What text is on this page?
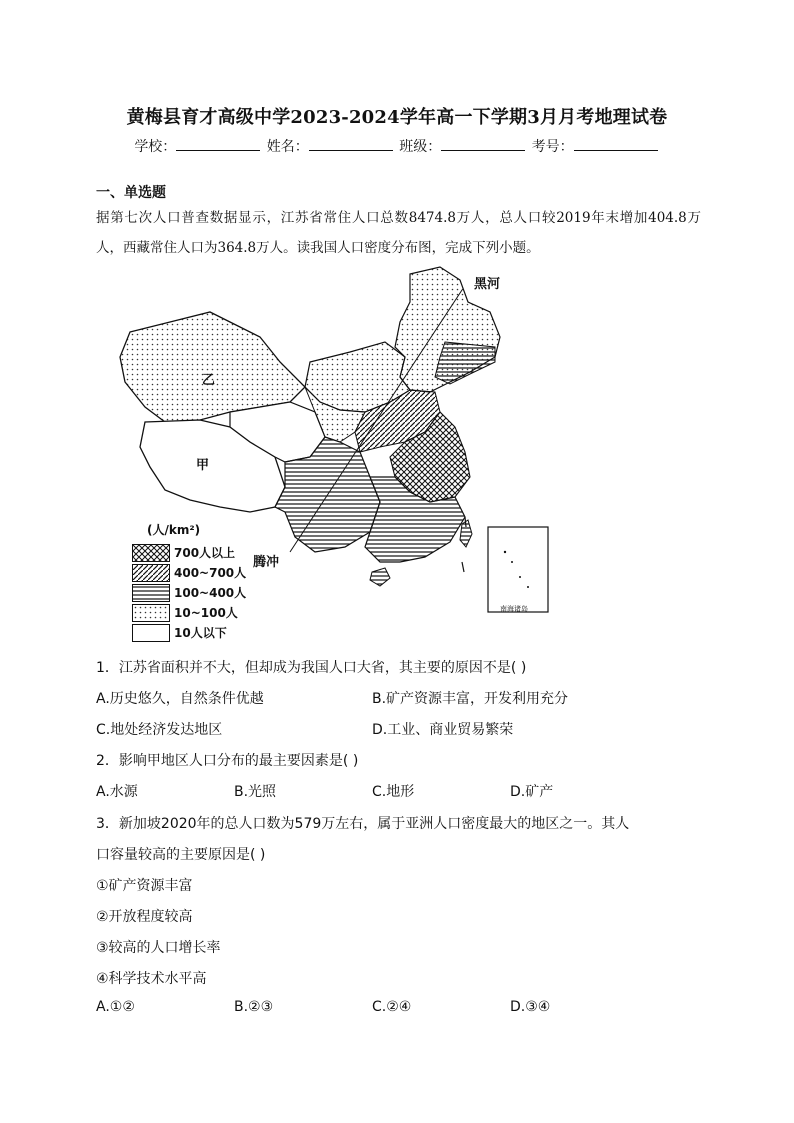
黄梅县育才高级中学2023-2024学年高一下学期3月月考地理试卷
学校：	姓名：	班级：	考号：
一、单选题
据第七次人口普查数据显示，江苏省常住人口总数8474.8万人，总人口较2019年末增加404.8万人，西藏常住人口为364.8万人。读我国人口密度分布图，完成下列小题。
黑河
乙
甲
腾冲
南海诸岛
(人/km²)
700人以上
400~700人
100~400人
10~100人
10人以下
1．江苏省面积并不大，但却成为我国人口大省，其主要的原因不是( )
A.历史悠久，自然条件优越	B.矿产资源丰富，开发利用充分
C.地处经济发达地区	D.工业、商业贸易繁荣
2．影响甲地区人口分布的最主要因素是( )
A.水源	B.光照	C.地形	D.矿产
3．新加坡2020年的总人口数为579万左右，属于亚洲人口密度最大的地区之一。其人
口容量较高的主要原因是( )
①矿产资源丰富
②开放程度较高
③较高的人口增长率
④科学技术水平高
A.①②	B.②③	C.②④	D.③④
